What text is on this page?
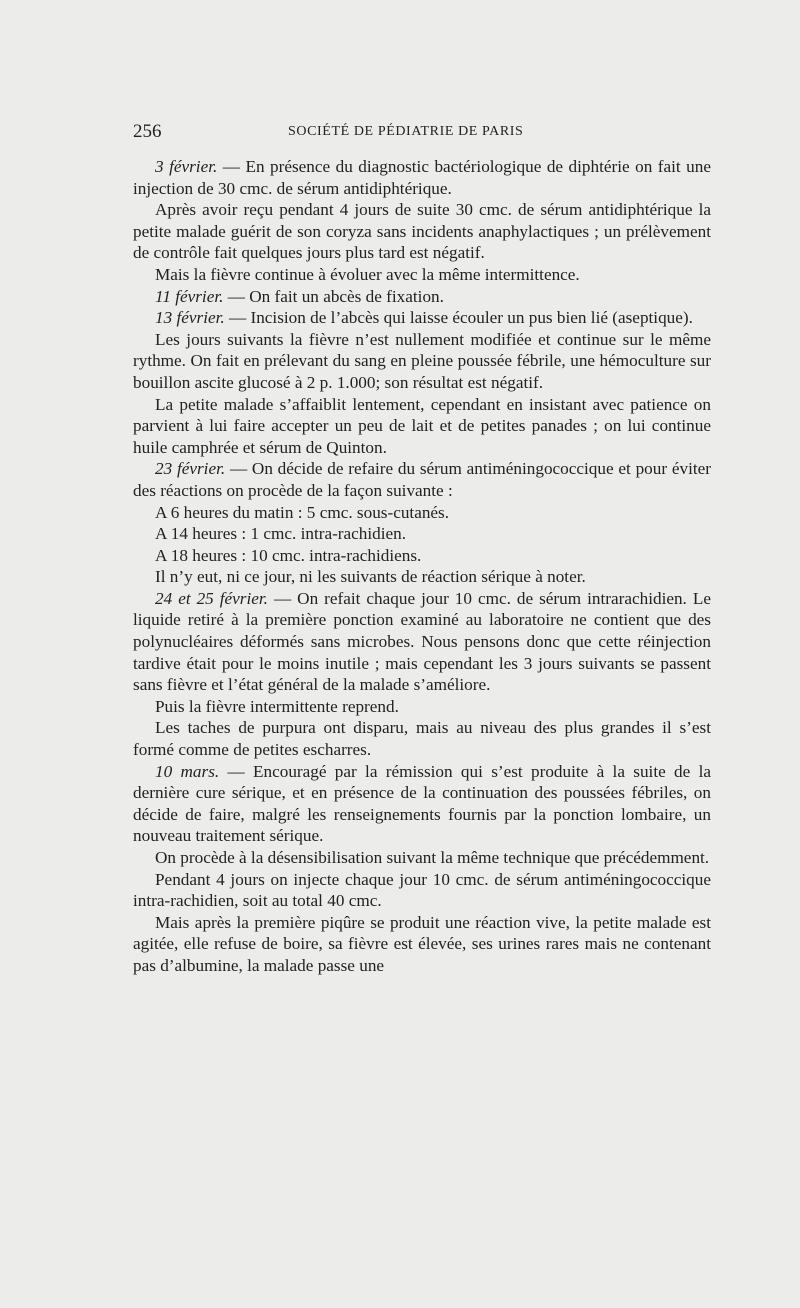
256	SOCIÉTÉ DE PÉDIATRIE DE PARIS

3 février. — En présence du diagnostic bactériologique de diphtérie on fait une injection de 30 cmc. de sérum antidiphtérique.

Après avoir reçu pendant 4 jours de suite 30 cmc. de sérum antidiphtérique la petite malade guérit de son coryza sans incidents anaphylactiques ; un prélèvement de contrôle fait quelques jours plus tard est négatif.

Mais la fièvre continue à évoluer avec la même intermittence.

11 février. — On fait un abcès de fixation.

13 février. — Incision de l’abcès qui laisse écouler un pus bien lié (aseptique).

Les jours suivants la fièvre n’est nullement modifiée et continue sur le même rythme. On fait en prélevant du sang en pleine poussée fébrile, une hémoculture sur bouillon ascite glucosé à 2 p. 1.000; son résultat est négatif.

La petite malade s’affaiblit lentement, cependant en insistant avec patience on parvient à lui faire accepter un peu de lait et de petites panades ; on lui continue huile camphrée et sérum de Quinton.

23 février. — On décide de refaire du sérum antiméningococcique et pour éviter des réactions on procède de la façon suivante :

A 6 heures du matin : 5 cmc. sous-cutanés.

A 14 heures : 1 cmc. intra-rachidien.

A 18 heures : 10 cmc. intra-rachidiens.

Il n’y eut, ni ce jour, ni les suivants de réaction sérique à noter.

24 et 25 février. — On refait chaque jour 10 cmc. de sérum intrarachidien. Le liquide retiré à la première ponction examiné au laboratoire ne contient que des polynucléaires déformés sans microbes. Nous pensons donc que cette réinjection tardive était pour le moins inutile ; mais cependant les 3 jours suivants se passent sans fièvre et l’état général de la malade s’améliore.

Puis la fièvre intermittente reprend.

Les taches de purpura ont disparu, mais au niveau des plus grandes il s’est formé comme de petites escharres.

10 mars. — Encouragé par la rémission qui s’est produite à la suite de la dernière cure sérique, et en présence de la continuation des poussées fébriles, on décide de faire, malgré les renseignements fournis par la ponction lombaire, un nouveau traitement sérique.

On procède à la désensibilisation suivant la même technique que précédemment.

Pendant 4 jours on injecte chaque jour 10 cmc. de sérum antiméningococcique intra-rachidien, soit au total 40 cmc.

Mais après la première piqûre se produit une réaction vive, la petite malade est agitée, elle refuse de boire, sa fièvre est élevée, ses urines rares mais ne contenant pas d’albumine, la malade passe une
